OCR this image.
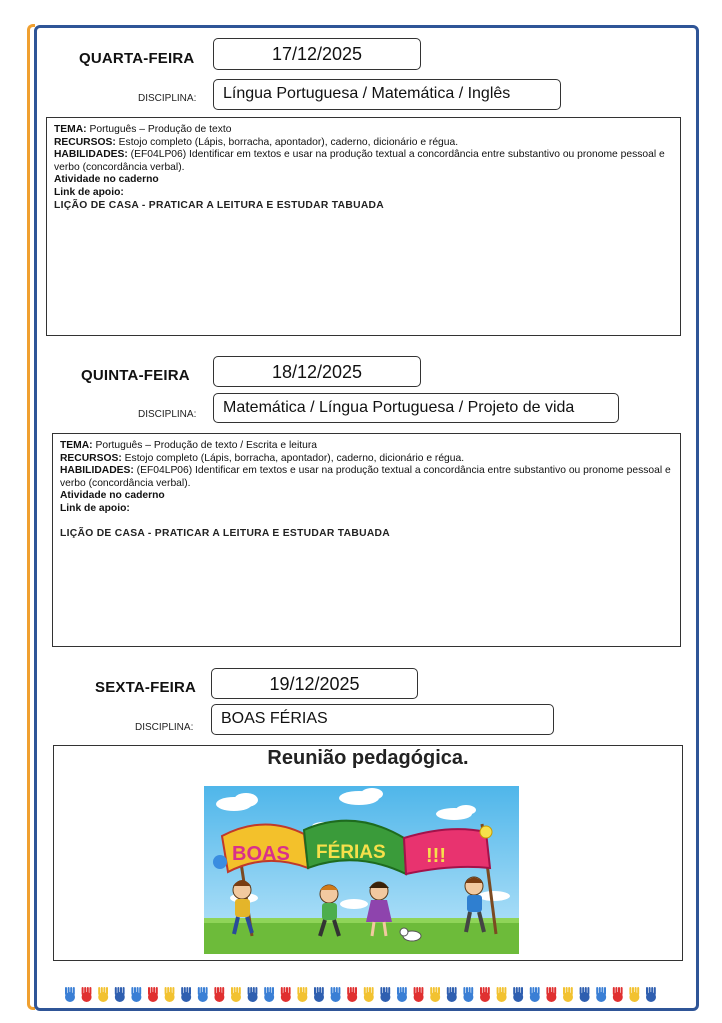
QUARTA-FEIRA	17/12/2025
DISCIPLINA:	Língua Portuguesa / Matemática / Inglês

TEMA: Português – Produção de texto

RECURSOS: Estojo completo (Lápis, borracha, apontador), caderno, dicionário e régua.

HABILIDADES: (EF04LP06) Identificar em textos e usar na produção textual a concordância entre substantivo ou pronome pessoal e verbo (concordância verbal).

Atividade no caderno

Link de apoio:

LIÇÃO DE CASA - PRATICAR A LEITURA E ESTUDAR TABUADA

QUINTA-FEIRA	18/12/2025
DISCIPLINA:	Matemática / Língua Portuguesa / Projeto de vida

TEMA: Português – Produção de texto / Escrita e leitura

RECURSOS: Estojo completo (Lápis, borracha, apontador), caderno, dicionário e régua.

HABILIDADES: (EF04LP06) Identificar em textos e usar na produção textual a concordância entre substantivo ou pronome pessoal e verbo (concordância verbal).

Atividade no caderno

Link de apoio:

LIÇÃO DE CASA - PRATICAR A LEITURA E ESTUDAR TABUADA

SEXTA-FEIRA	19/12/2025
DISCIPLINA:
BOAS FÉRIAS
Reunião pedagógica.
BOAS FÉRIAS !!!
